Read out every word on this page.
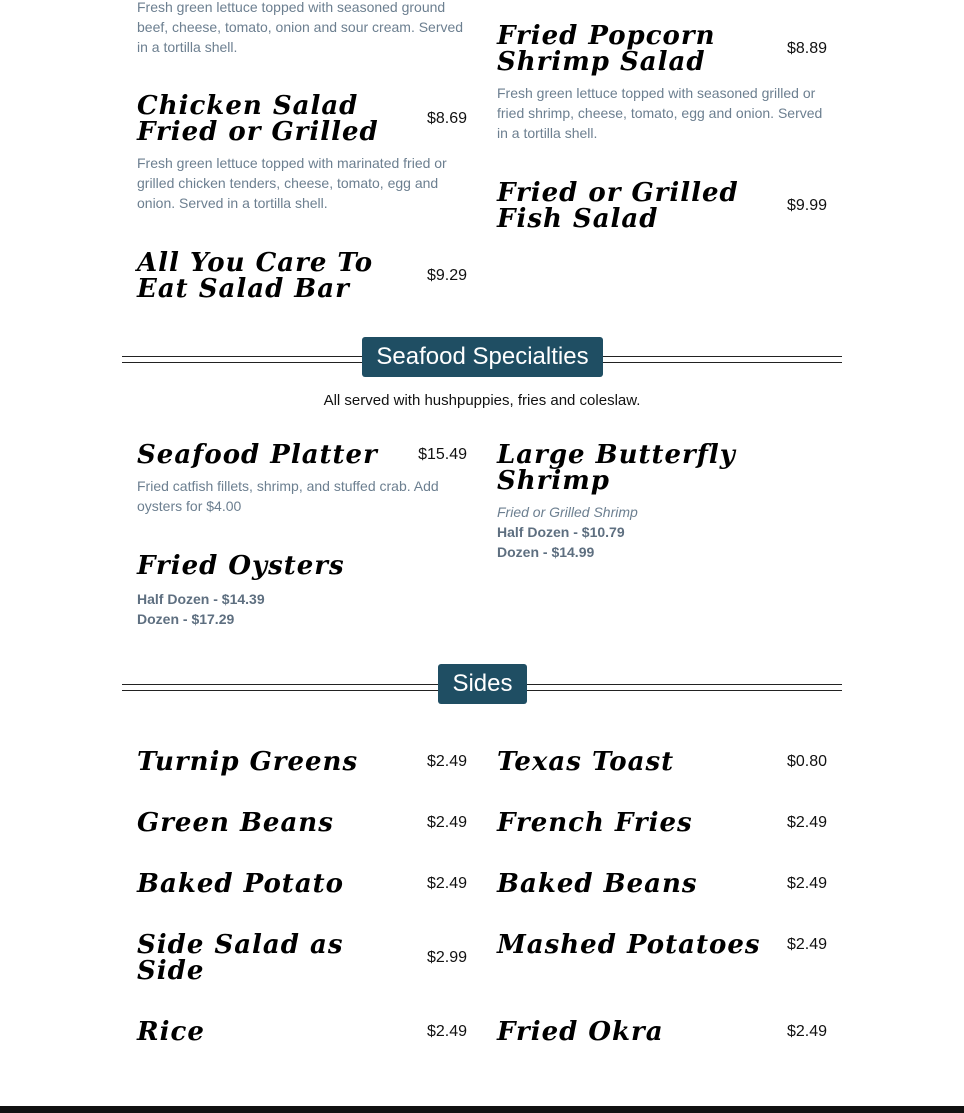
Fresh green lettuce topped with seasoned ground beef, cheese, tomato, onion and sour cream. Served in a tortilla shell.
Chicken Salad Fried or Grilled	$8.69
Fresh green lettuce topped with marinated fried or grilled chicken tenders, cheese, tomato, egg and onion. Served in a tortilla shell.
All You Care To Eat Salad Bar	$9.29
Fried Popcorn Shrimp Salad	$8.89
Fresh green lettuce topped with seasoned grilled or fried shrimp, cheese, tomato, egg and onion. Served in a tortilla shell.
Fried or Grilled Fish Salad	$9.99
Seafood Specialties
All served with hushpuppies, fries and coleslaw.
Seafood Platter	$15.49
Fried catfish fillets, shrimp, and stuffed crab. Add oysters for $4.00
Fried Oysters
Half Dozen - $14.39
Dozen - $17.29
Large Butterfly Shrimp
Fried or Grilled Shrimp
Half Dozen - $10.79
Dozen - $14.99
Sides
Turnip Greens	$2.49
Green Beans	$2.49
Baked Potato	$2.49
Side Salad as Side	$2.99
Rice	$2.49
Texas Toast	$0.80
French Fries	$2.49
Baked Beans	$2.49
Mashed Potatoes	$2.49
Fried Okra	$2.49
